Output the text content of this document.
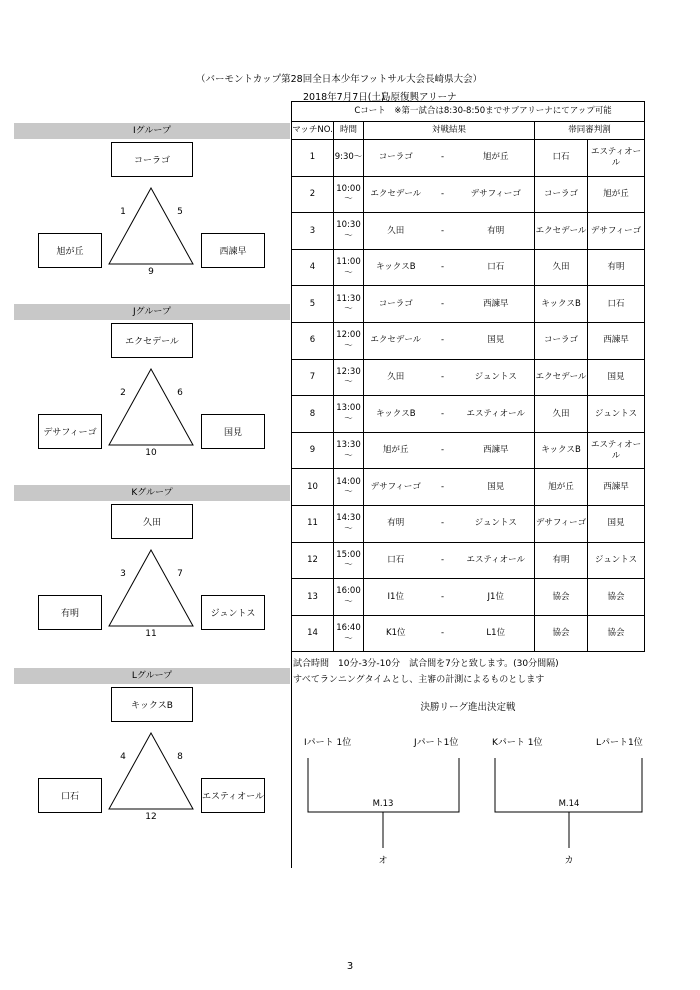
（バーモントカップ第28回全日本少年フットサル大会長崎県大会）
2018年7月7日(土)
島原復興アリーナ
Iグループ
コーラゴ
旭が丘	西諫早
1	5
9
Jグループ
エクセデール
デサフィーゴ	国見
2	6
10
Kグループ
久田
有明	ジュントス
3	7
11
Lグループ
キックスB
口石	エスティオール
4	8
12
Cコート　※第一試合は8:30-8:50までサブアリーナにてアップ可能						
マッチNO.	時間	対戦結果			帯同審判割	
1	9:30～	コーラゴ	-	旭が丘	口石	エスティオール
2	10:00～	エクセデール	-	デサフィーゴ	コーラゴ	旭が丘
3	10:30～	久田	-	有明	エクセデール	デサフィーゴ
4	11:00～	キックスB	-	口石	久田	有明
5	11:30～	コーラゴ	-	西諫早	キックスB	口石
6	12:00～	エクセデール	-	国見	コーラゴ	西諫早
7	12:30～	久田	-	ジュントス	エクセデール	国見
8	13:00～	キックスB	-	エスティオール	久田	ジュントス
9	13:30～	旭が丘	-	西諫早	キックスB	エスティオール
10	14:00～	デサフィーゴ	-	国見	旭が丘	西諫早
11	14:30～	有明	-	ジュントス	デサフィーゴ	国見
12	15:00～	口石	-	エスティオール	有明	ジュントス
13	16:00～	I1位	-	J1位	協会	協会
14	16:40～	K1位	-	L1位	協会	協会
試合時間　10分-3分-10分　試合間を7分と致します。(30分間隔)
すべてランニングタイムとし、主審の計測によるものとします
決勝リーグ進出決定戦
Iパート 1位	Jパート1位	Kパート 1位	Lパート1位
M.13	M.14
オ	カ
3
